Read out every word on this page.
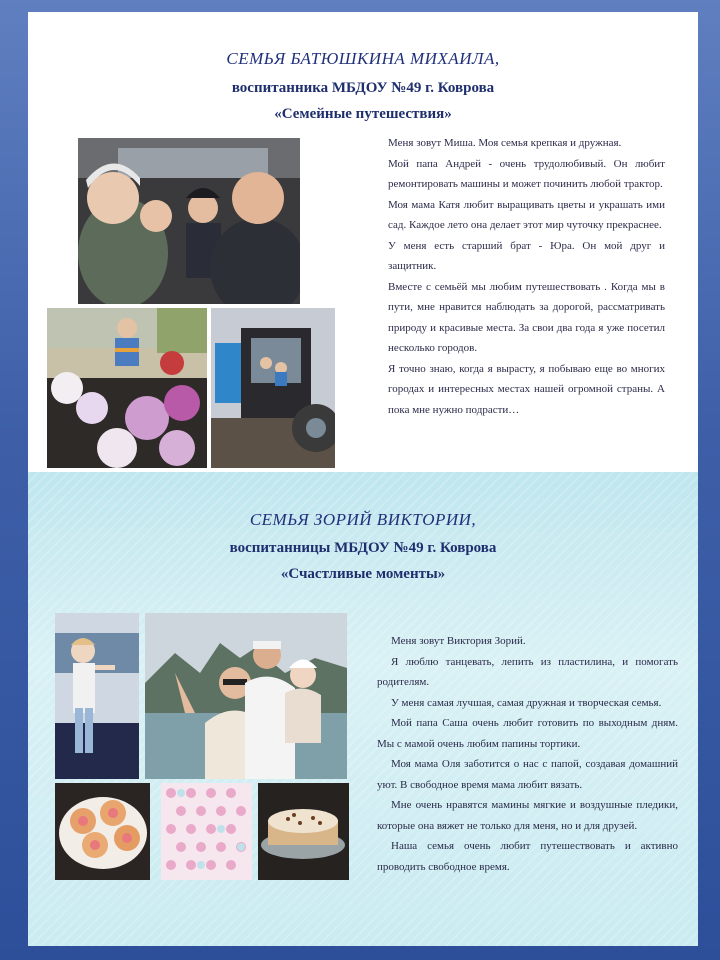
СЕМЬЯ БАТЮШКИНА МИХАИЛА,
воспитанника МБДОУ №49 г. Коврова
«Семейные путешествия»

Меня зовут Миша. Моя семья крепкая и дружная.

Мой папа Андрей - очень трудолюбивый. Он любит ремонтировать машины и может починить любой трактор.

Моя мама Катя любит выращивать цветы и украшать ими сад. Каждое лето она делает этот мир чуточку прекраснее.

У меня есть старший брат - Юра. Он мой друг и защитник.

Вместе с семьёй мы любим путешествовать . Когда мы в пути, мне нравится наблюдать за дорогой, рассматривать природу и красивые места. За свои два года я уже посетил несколько городов.

Я точно знаю, когда я вырасту, я побываю еще во многих городах и интересных местах нашей огромной страны. А пока мне нужно подрасти…

СЕМЬЯ ЗОРИЙ ВИКТОРИИ,
воспитанницы МБДОУ №49 г. Коврова
«Счастливые моменты»

Меня зовут Виктория Зорий.

Я люблю танцевать, лепить из пластилина, и помогать родителям.

У меня самая лучшая, самая дружная и творческая семья.

Мой папа Саша очень любит готовить по выходным дням. Мы с мамой очень любим папины тортики.

Моя мама Оля заботится о нас с папой, создавая домашний уют. В свободное время мама любит вязать.

Мне очень нравятся мамины мягкие и воздушные пледики, которые она вяжет не только для меня, но и для друзей.

Наша семья очень любит путешествовать и активно проводить свободное время.
